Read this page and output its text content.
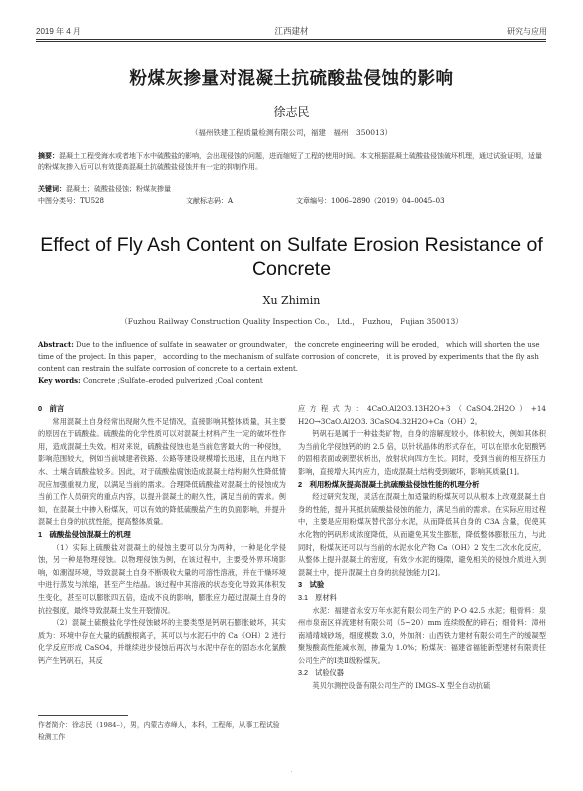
2019 年 4 月	江西建材	研究与应用
粉煤灰掺量对混凝土抗硫酸盐侵蚀的影响
徐志民
（福州铁建工程质量检测有限公司，福建　福州　350013）
摘要：混凝土工程受海水或者地下水中硫酸盐的影响，会出现侵蚀的问题，进而缩短了工程的使用时间。本文根据混凝土硫酸盐侵蚀破坏机理，通过试验证明，适量的粉煤灰掺入后可以有效提高混凝土抗硫酸盐侵蚀并有一定的抑制作用。
关键词：混凝土；硫酸盐侵蚀；粉煤灰掺量
中图分类号：TU528	文献标志码：A	文章编号：1006–2890（2019）04–0045–03
Effect of Fly Ash Content on Sulfate Erosion Resistance of Concrete
Xu Zhimin
（Fuzhou Railway Construction Quality Inspection Co.， Ltd.， Fuzhou， Fujian 350013）
Abstract: Due to the influence of sulfate in seawater or groundwater， the concrete engineering will be eroded， which will shorten the use time of the project. In this paper， according to the mechanism of sulfate corrosion of concrete， it is proved by experiments that the fly ash content can restrain the sulfate corrosion of concrete to a certain extent.
Key words: Concrete ;Sulfate–eroded pulverized ;Coal content

0　前言

常用混凝土自身经常出现耐久性不足情况，直接影响其整体质量，其主要的原因在于硫酸盐。硫酸盐的化学性质可以对混凝土材料产生一定的破坏性作用，造成混凝土失效。相对来说，硫酸盐侵蚀也是当前危害最大的一种侵蚀，影响范围较大，例如当前城建者铁路、公路等建设规模增长迅速，且在内地下水、土壤含硫酸盐较多。因此，对于硫酸盐腐蚀造成混凝土结构耐久性降低情况应加强重视力度，以满足当前的需求。合理降低硫酸盐对混凝土的侵蚀成为当前工作人员研究的重点内容，以提升混凝土的耐久性，满足当前的需求。例如，在混凝土中掺入粉煤灰，可以有效的降低硫酸盐产生的负面影响，并提升混凝土自身的抗扰性能，提高整体质量。

1　硫酸盐侵蚀混凝土的机理

（1）实际上硫酸盐对混凝土的侵蚀主要可以分为两种，一种是化学侵蚀，另一种是物理侵蚀。以物理侵蚀为例，在该过程中，主要受外界环境影响，如潮湿环境，导致混凝土自身不断吸收大量的可溶性溶液，并在干燥环境中进行蒸发与浓缩，甚至产生结晶。该过程中其溶液的状态变化导致其体积发生变化，甚至可以膨胀四五倍，造成不良的影响，膨胀应力超过混凝土自身的抗拉强度，最终导致混凝土发生开裂情况。

（2）混凝土硫酸盐化学性侵蚀破坏的主要类型是钙矾石膨胀破坏，其实质为：环境中存在大量的硫酸根离子，其可以与水泥石中的 Ca（OH）2 进行化学反应形成 CaSO4，并继续进步侵蚀后再次与水泥中存在的固态水化氯酸钙产生钙矾石，其反

应方程式为：4CaO.Al2O3.13H2O+3（CaSO4.2H2O）+14 H2O→3CaO.Al2O3. 3CaSO4.32H2O+Ca（OH）2。

钙矾石是属于一种盐类矿物，自身的溶解度较小，体积较大，例如其体积为当前化学侵蚀钙的的 2.5 倍，以针状晶体的形式存在，可以在原水化铝酸钙的固相表面或刺塑状析出，放射状向四方生长。同时，受到当前的相互挤压力影响，直接增大其内应力，造成混凝土结构受到破坏，影响其质量[1]。

2　利用粉煤灰提高混凝土抗硫酸盐侵蚀性能的机理分析

经过研究发现，灵活在混凝土加适量的粉煤灰可以从根本上改观混凝土自身的性能，提升其抵抗硫酸盐侵蚀的能力，满足当前的需求。在实际应用过程中，主要是应用粉煤灰替代部分水泥，从而降低其自身的 C3A 含量，促使其水化物的钙矾形成浓度降低，从而避免其发生膨胀，降低整体膨胀压力，与此同时，粉煤灰还可以与当前的水泥水化产物 Ca（OH）2 发生二次水化反应，从整体上提升混凝土的密度，有效少水泥的缝隙，避免相关的侵蚀介质进入到混凝土中，提升混凝土自身的抗侵蚀能力[2]。

3　试验

3.1　原材料

水泥：福建省永安万年水泥有限公司生产的 P·O 42.5 水泥；粗骨料：泉州市泉南区祥流建材有限公司（5~20）mm 连续级配的碎石；细骨料：漳州南靖靖城砂场，细度模数 3.0，外加剂：山西铁力建材有限公司生产的缓凝型聚羧酸高性能减水剂，掺量为 1.0%；粉煤灰：福建省福能新型建材有限责任公司生产的Ⅰ类Ⅱ级粉煤灰。

3.2　试验仪器

英贝尔测控设备有限公司生产的 IMGS–X 型全自动抗硫

作者简介：徐志民（1984–），男，内蒙古赤峰人，本科，工程师，从事工程试验检测工作
·
